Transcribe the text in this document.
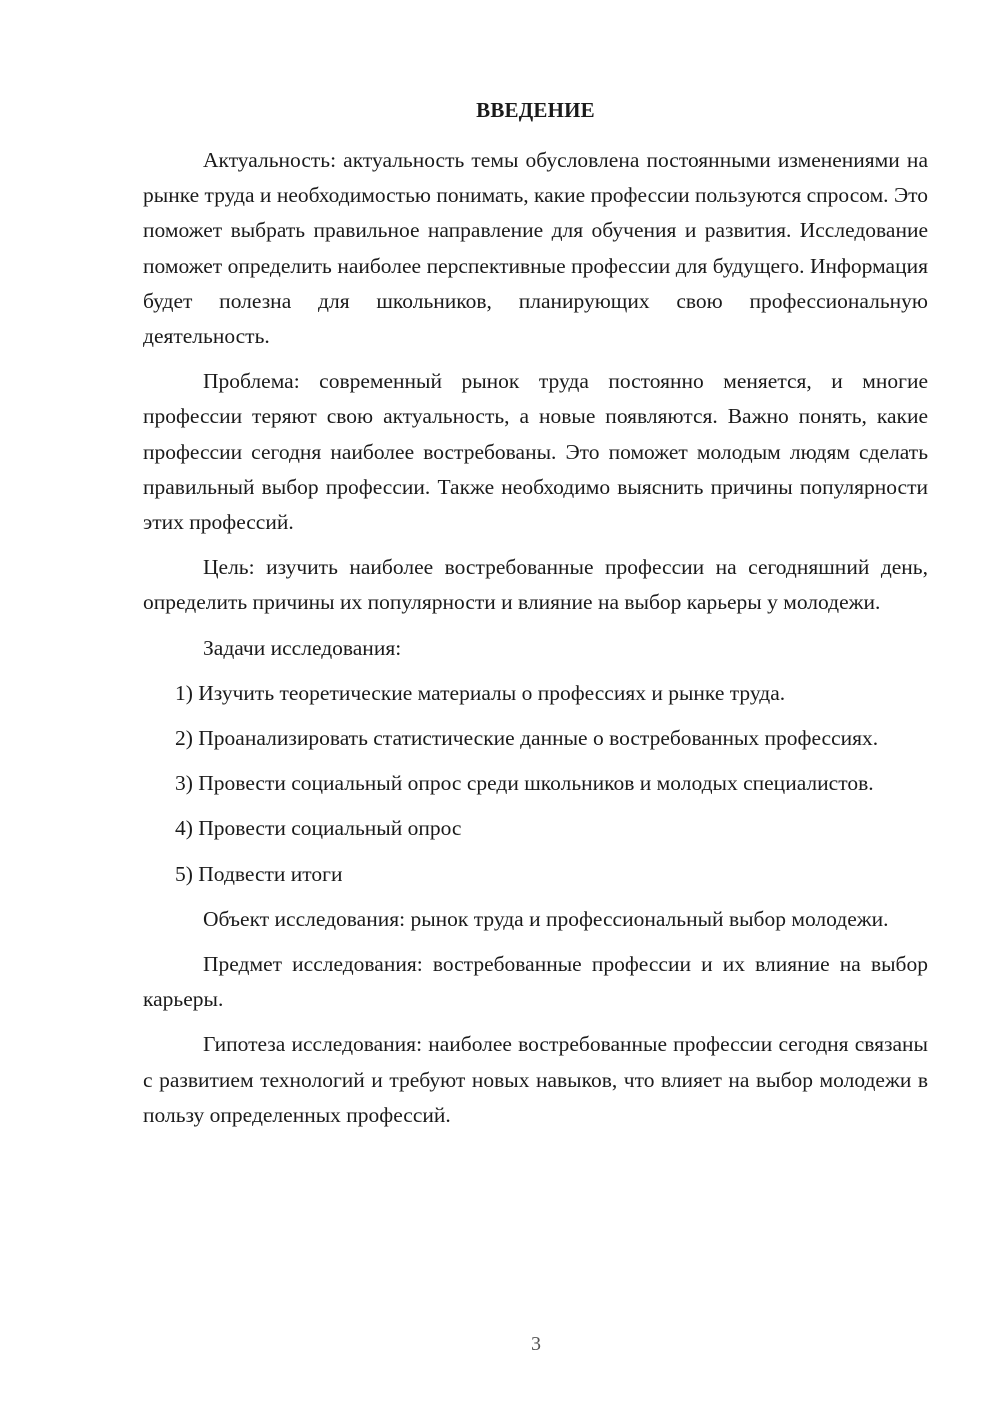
ВВЕДЕНИЕ

Актуальность: актуальность темы обусловлена постоянными изменениями на рынке труда и необходимостью понимать, какие профессии пользуются спросом. Это поможет выбрать правильное направление для обучения и развития. Исследование поможет определить наиболее перспективные профессии для будущего. Информация будет полезна для школьников, планирующих свою профессиональную деятельность.

Проблема: современный рынок труда постоянно меняется, и многие профессии теряют свою актуальность, а новые появляются. Важно понять, какие профессии сегодня наиболее востребованы. Это поможет молодым людям сделать правильный выбор профессии. Также необходимо выяснить причины популярности этих профессий.

Цель: изучить наиболее востребованные профессии на сегодняшний день, определить причины их популярности и влияние на выбор карьеры у молодежи.

Задачи исследования:

1) Изучить теоретические материалы о профессиях и рынке труда.

2) Проанализировать статистические данные о востребованных профессиях.

3) Провести социальный опрос среди школьников и молодых специалистов.

4) Провести социальный опрос

5) Подвести итоги

Объект исследования: рынок труда и профессиональный выбор молодежи.

Предмет исследования: востребованные профессии и их влияние на выбор карьеры.

Гипотеза исследования: наиболее востребованные профессии сегодня связаны с развитием технологий и требуют новых навыков, что влияет на выбор молодежи в пользу определенных профессий.

3
